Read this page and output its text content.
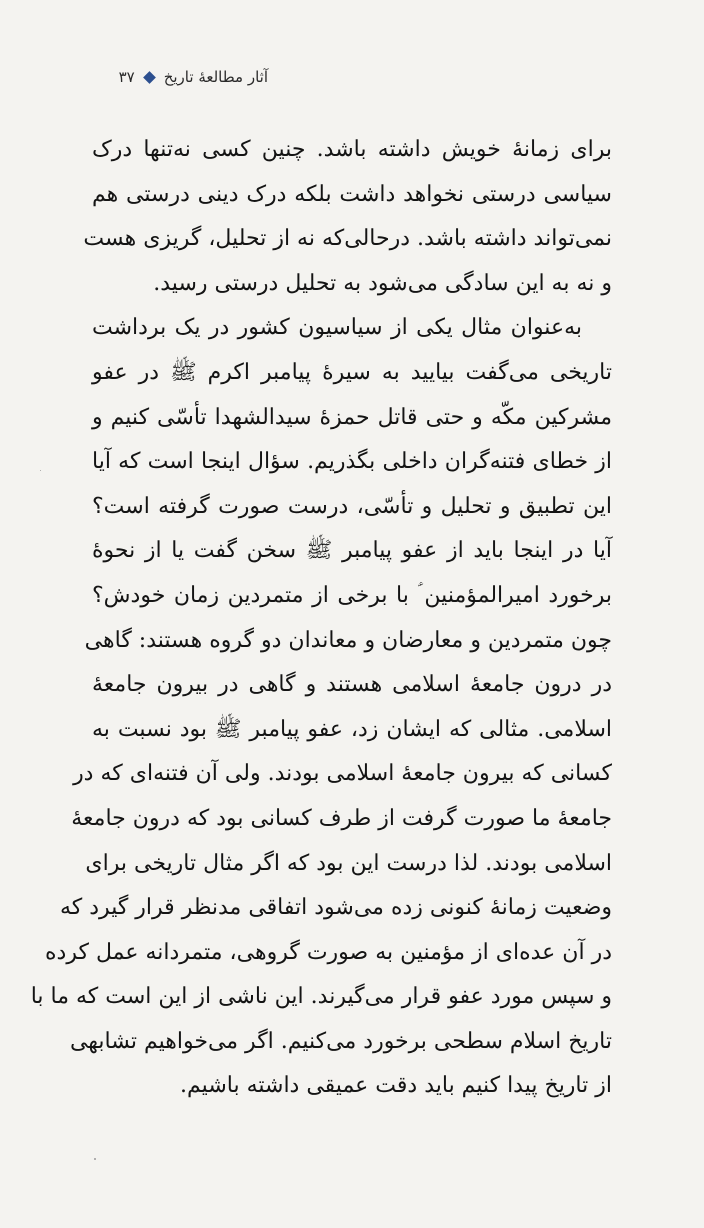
آثار مطالعهٔ تاریخ
۳۷
برای زمانهٔ خویش داشته باشد. چنین کسی نه‌تنها درک
سیاسی درستی نخواهد داشت بلکه درک دینی درستی هم
نمی‌تواند داشته باشد. درحالی‌که نه از تحلیل، گریزی هست
و نه به این سادگی می‌شود به تحلیل درستی رسید.
به‌عنوان مثال یکی از سیاسیون کشور در یک برداشت
تاریخی می‌گفت بیایید به سیرهٔ پیامبر اکرم ﷺ در عفو
مشرکین مکّه و حتی قاتل حمزهٔ سیدالشهدا تأسّی کنیم و
از خطای فتنه‌گران داخلی بگذریم. سؤال اینجا است که آیا
این تطبیق و تحلیل و تأسّی، درست صورت گرفته است؟
آیا در اینجا باید از عفو پیامبر ﷺ سخن گفت یا از نحوهٔ
برخورد امیرالمؤمنین ؑ با برخی از متمردین زمان خودش؟
چون متمردین و معارضان و معاندان دو گروه هستند: گاهی
در درون جامعهٔ اسلامی هستند و گاهی در بیرون جامعهٔ
اسلامی. مثالی که ایشان زد، عفو پیامبر ﷺ بود نسبت به
کسانی که بیرون جامعهٔ اسلامی بودند. ولی آن فتنه‌ای که در
جامعهٔ ما صورت گرفت از طرف کسانی بود که درون جامعهٔ
اسلامی بودند. لذا درست این بود که اگر مثال تاریخی برای
وضعیت زمانهٔ کنونی زده می‌شود اتفاقی مدنظر قرار گیرد که
در آن عده‌ای از مؤمنین به صورت گروهی، متمردانه عمل کرده
و سپس مورد عفو قرار می‌گیرند. این ناشی از این است که ما با
تاریخ اسلام سطحی برخورد می‌کنیم. اگر می‌خواهیم تشابهی
از تاریخ پیدا کنیم باید دقت عمیقی داشته باشیم.
